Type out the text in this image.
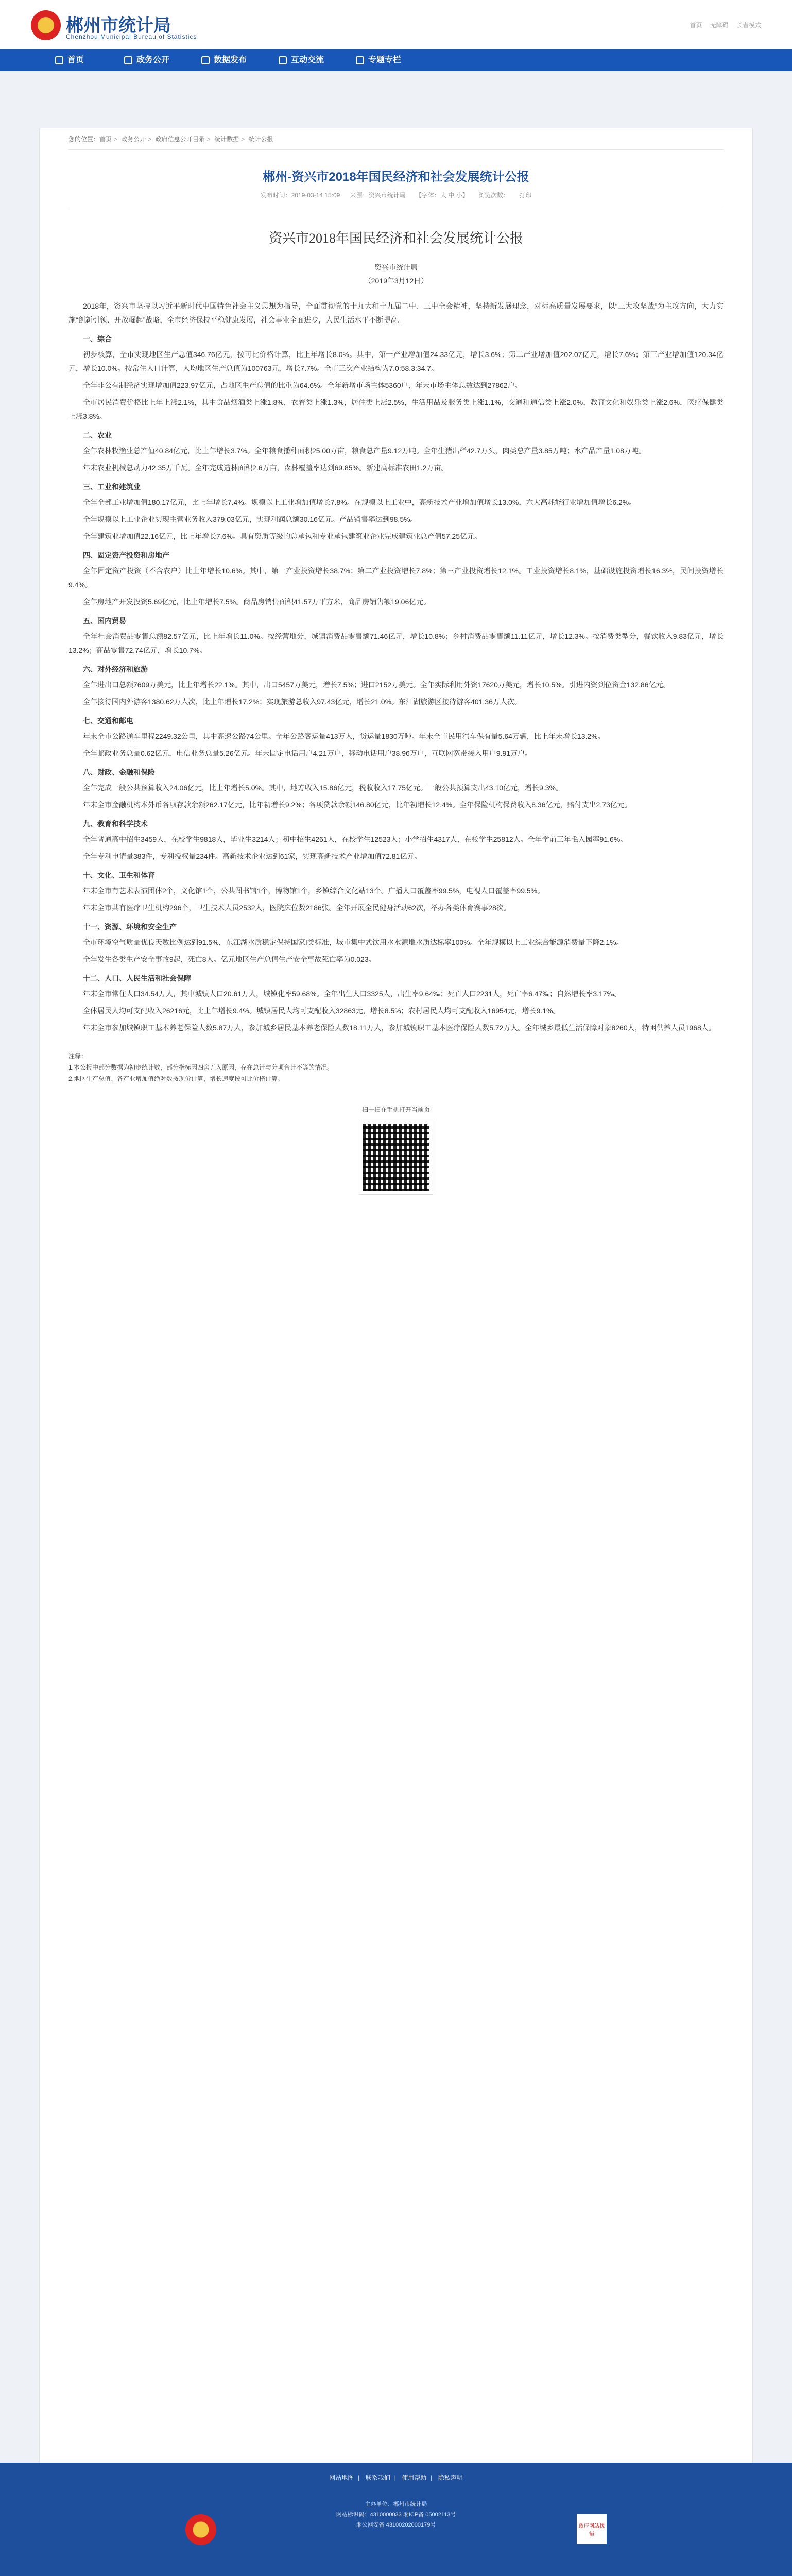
郴州市统计局
Chenzhou Municipal Bureau of Statistics
首页 无障碍 长者模式
首页	政务公开	数据发布	互动交流	专题专栏
您的位置：首页 > 政务公开 > 政府信息公开目录 > 统计数据 > 统计公报
郴州-资兴市2018年国民经济和社会发展统计公报
发布时间：2019-03-14 15:09 来源：资兴市统计局 【字体：大 中 小】 浏览次数： 打印
资兴市2018年国民经济和社会发展统计公报
资兴市统计局
（2019年3月12日）

2018年，资兴市坚持以习近平新时代中国特色社会主义思想为指导，全面贯彻党的十九大和十九届二中、三中全会精神，坚持新发展理念，对标高质量发展要求，以“三大攻坚战”为主攻方向，大力实施“创新引领、开放崛起”战略，全市经济保持平稳健康发展，社会事业全面进步，人民生活水平不断提高。

一、综合

初步核算，全市实现地区生产总值346.76亿元，按可比价格计算，比上年增长8.0%。其中，第一产业增加值24.33亿元，增长3.6%；第二产业增加值202.07亿元，增长7.6%；第三产业增加值120.34亿元，增长10.0%。按常住人口计算，人均地区生产总值为100763元，增长7.7%。全市三次产业结构为7.0:58.3:34.7。

全年非公有制经济实现增加值223.97亿元，占地区生产总值的比重为64.6%。全年新增市场主体5360户，年末市场主体总数达到27862户。

全市居民消费价格比上年上涨2.1%，其中食品烟酒类上涨1.8%，衣着类上涨1.3%，居住类上涨2.5%，生活用品及服务类上涨1.1%，交通和通信类上涨2.0%，教育文化和娱乐类上涨2.6%，医疗保健类上涨3.8%。

二、农业

全年农林牧渔业总产值40.84亿元，比上年增长3.7%。全年粮食播种面积25.00万亩，粮食总产量9.12万吨。全年生猪出栏42.7万头，肉类总产量3.85万吨；水产品产量1.08万吨。

年末农业机械总动力42.35万千瓦。全年完成造林面积2.6万亩，森林覆盖率达到69.85%。新建高标准农田1.2万亩。

三、工业和建筑业

全年全部工业增加值180.17亿元，比上年增长7.4%。规模以上工业增加值增长7.8%。在规模以上工业中，高新技术产业增加值增长13.0%，六大高耗能行业增加值增长6.2%。

全年规模以上工业企业实现主营业务收入379.03亿元，实现利润总额30.16亿元。产品销售率达到98.5%。

全年建筑业增加值22.16亿元，比上年增长7.6%。具有资质等级的总承包和专业承包建筑业企业完成建筑业总产值57.25亿元。

四、固定资产投资和房地产

全年固定资产投资（不含农户）比上年增长10.6%。其中，第一产业投资增长38.7%；第二产业投资增长7.8%；第三产业投资增长12.1%。工业投资增长8.1%，基础设施投资增长16.3%，民间投资增长9.4%。

全年房地产开发投资5.69亿元，比上年增长7.5%。商品房销售面积41.57万平方米，商品房销售额19.06亿元。

五、国内贸易

全年社会消费品零售总额82.57亿元，比上年增长11.0%。按经营地分，城镇消费品零售额71.46亿元，增长10.8%；乡村消费品零售额11.11亿元，增长12.3%。按消费类型分，餐饮收入9.83亿元，增长13.2%；商品零售72.74亿元，增长10.7%。

六、对外经济和旅游

全年进出口总额7609万美元，比上年增长22.1%。其中，出口5457万美元，增长7.5%；进口2152万美元。全年实际利用外资17620万美元，增长10.5%。引进内资到位资金132.86亿元。

全年接待国内外游客1380.62万人次，比上年增长17.2%；实现旅游总收入97.43亿元，增长21.0%。东江湖旅游区接待游客401.36万人次。

七、交通和邮电

年末全市公路通车里程2249.32公里，其中高速公路74公里。全年公路客运量413万人，货运量1830万吨。年末全市民用汽车保有量5.64万辆，比上年末增长13.2%。

全年邮政业务总量0.62亿元，电信业务总量5.26亿元。年末固定电话用户4.21万户，移动电话用户38.96万户，互联网宽带接入用户9.91万户。

八、财政、金融和保险

全年完成一般公共预算收入24.06亿元，比上年增长5.0%。其中，地方收入15.86亿元，税收收入17.75亿元。一般公共预算支出43.10亿元，增长9.3%。

年末全市金融机构本外币各项存款余额262.17亿元，比年初增长9.2%；各项贷款余额146.80亿元，比年初增长12.4%。全年保险机构保费收入8.36亿元，赔付支出2.73亿元。

九、教育和科学技术

全年普通高中招生3459人，在校学生9818人，毕业生3214人；初中招生4261人，在校学生12523人；小学招生4317人，在校学生25812人。全年学前三年毛入园率91.6%。

全年专利申请量383件，专利授权量234件。高新技术企业达到61家，实现高新技术产业增加值72.81亿元。

十、文化、卫生和体育

年末全市有艺术表演团体2个，文化馆1个，公共图书馆1个，博物馆1个，乡镇综合文化站13个。广播人口覆盖率99.5%，电视人口覆盖率99.5%。

年末全市共有医疗卫生机构296个，卫生技术人员2532人，医院床位数2186张。全年开展全民健身活动62次，举办各类体育赛事28次。

十一、资源、环境和安全生产

全市环境空气质量优良天数比例达到91.5%，东江湖水质稳定保持国家Ⅰ类标准，城市集中式饮用水水源地水质达标率100%。全年规模以上工业综合能源消费量下降2.1%。

全年发生各类生产安全事故9起，死亡8人。亿元地区生产总值生产安全事故死亡率为0.023。

十二、人口、人民生活和社会保障

年末全市常住人口34.54万人，其中城镇人口20.61万人，城镇化率59.68%。全年出生人口3325人，出生率9.64‰；死亡人口2231人，死亡率6.47‰；自然增长率3.17‰。

全体居民人均可支配收入26216元，比上年增长9.4%。城镇居民人均可支配收入32863元，增长8.5%；农村居民人均可支配收入16954元，增长9.1%。

年末全市参加城镇职工基本养老保险人数5.87万人，参加城乡居民基本养老保险人数18.11万人，参加城镇职工基本医疗保险人数5.72万人。全年城乡最低生活保障对象8260人，特困供养人员1968人。

注释：
1.本公报中部分数据为初步统计数，部分指标因四舍五入原因，存在总计与分项合计不等的情况。
2.地区生产总值、各产业增加值绝对数按现价计算，增长速度按可比价格计算。
扫一扫在手机打开当前页
网站地图 | 联系我们 | 使用帮助 | 隐私声明
主办单位：郴州市统计局
网站标识码：4310000033 湘ICP备 05002113号
湘公网安备 43100202000179号	政府网站找错
